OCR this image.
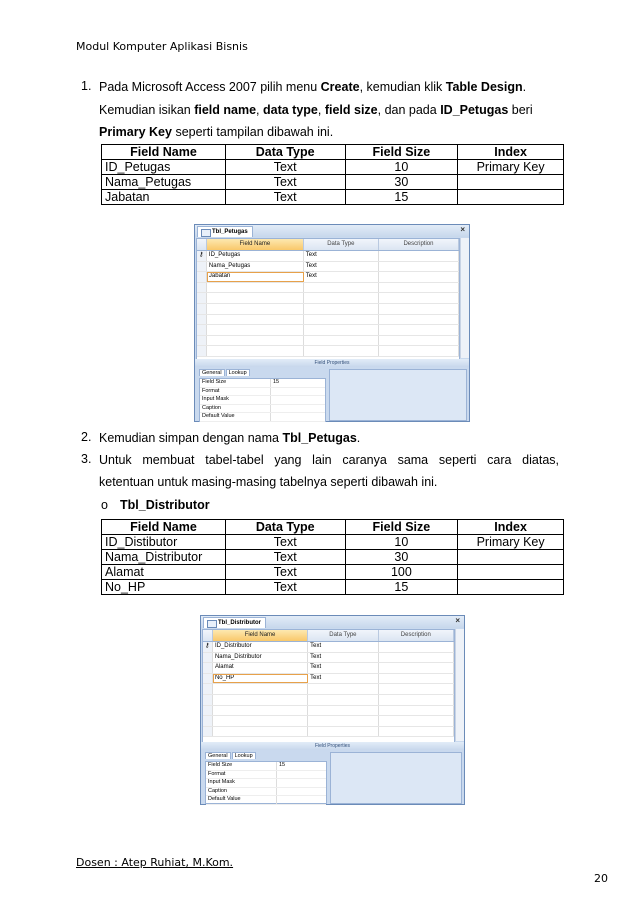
Modul Komputer Aplikasi Bisnis
1. Pada Microsoft Access 2007 pilih menu Create, kemudian klik Table Design.
Kemudian isikan field name, data type, field size, dan pada ID_Petugas beri
Primary Key seperti tampilan dibawah ini.
Field Name	Data Type	Field Size	Index
ID_Petugas	Text	10	Primary Key
Nama_Petugas	Text	30	
Jabatan	Text	15	
Tbl_Petugas	×
Field Name	Data Type	Description
⚷ ID_Petugas	Text
Nama_Petugas	Text
Jabatan	Text
Field Properties
General Lookup
Field Size	15
Format
Input Mask
Caption
Default Value
2. Kemudian simpan dengan nama Tbl_Petugas.
3. Untuk membuat tabel-tabel yang lain caranya sama seperti cara diatas,
ketentuan untuk masing-masing tabelnya seperti dibawah ini.
o Tbl_Distributor
Field Name	Data Type	Field Size	Index
ID_Distibutor	Text	10	Primary Key
Nama_Distributor	Text	30	
Alamat	Text	100	
No_HP	Text	15	
Tbl_Distributor	×
Field Name	Data Type	Description
⚷ ID_Distributor	Text
Nama_Distributor	Text
Alamat	Text
No_HP	Text
Field Properties
General Lookup
Field Size	15
Format
Input Mask
Caption
Default Value
Dosen : Atep Ruhiat, M.Kom.
20
